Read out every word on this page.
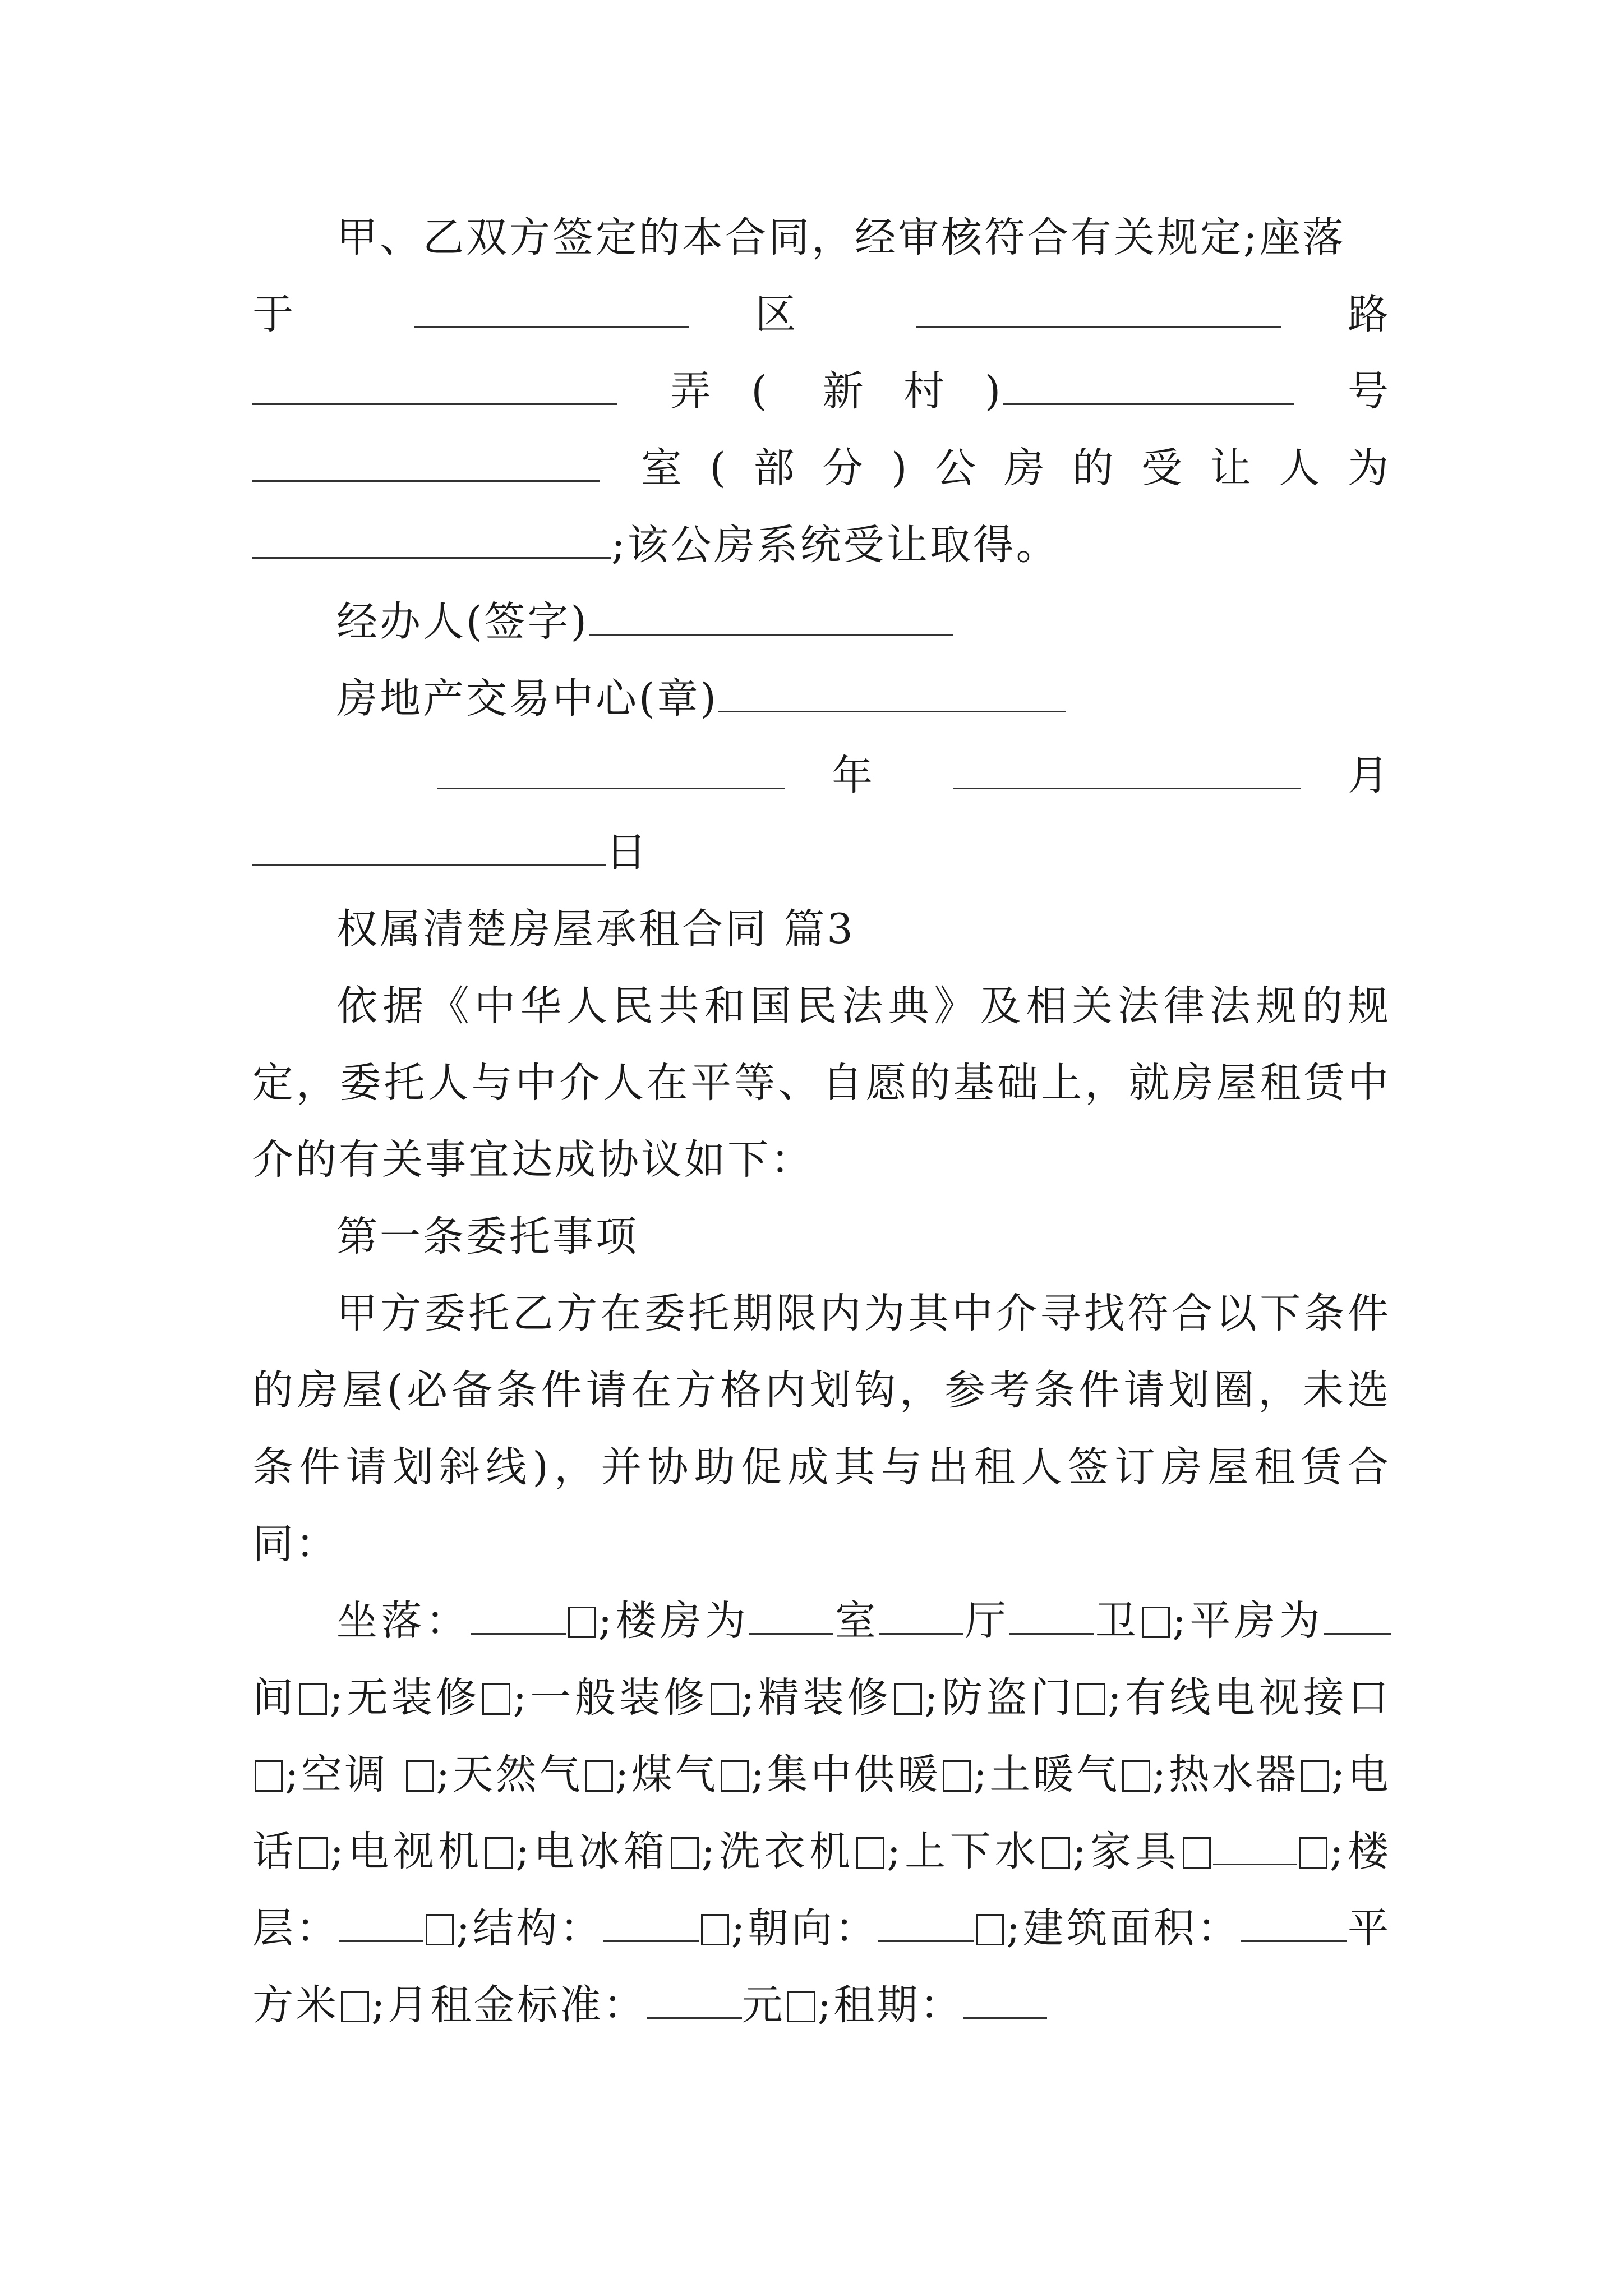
甲、乙双方签定的本合同，经审核符合有关规定;座落

于	区	路

弄( 新村)	号

室(部分)公房的受让人为

;该公房系统受让取得。

经办人(签字)

房地产交易中心(章)

年	月

日

权属清楚房屋承租合同 篇3

依据《中华人民共和国民法典》及相关法律法规的规定，委托人与中介人在平等、自愿的基础上，就房屋租赁中介的有关事宜达成协议如下：

第一条委托事项

甲方委托乙方在委托期限内为其中介寻找符合以下条件的房屋(必备条件请在方格内划钩，参考条件请划圈，未选条件请划斜线)，并协助促成其与出租人签订房屋租赁合同：

坐落：	;楼房为 室 厅 卫 ;平房为间 ;无装修 ;一般装修 ;精装修 ;防盗门 ;有线电视接口;空调 ;天然气 ;煤气 ;集中供暖 ;土暖气 ;热水器 ;电话 ;电视机 ;电冰箱 ;洗衣机 ;上下水 ;家具	;楼层：	;结构：	;朝向：	;建筑面积：	平方米 ;月租金标准： 元 ;租期：
